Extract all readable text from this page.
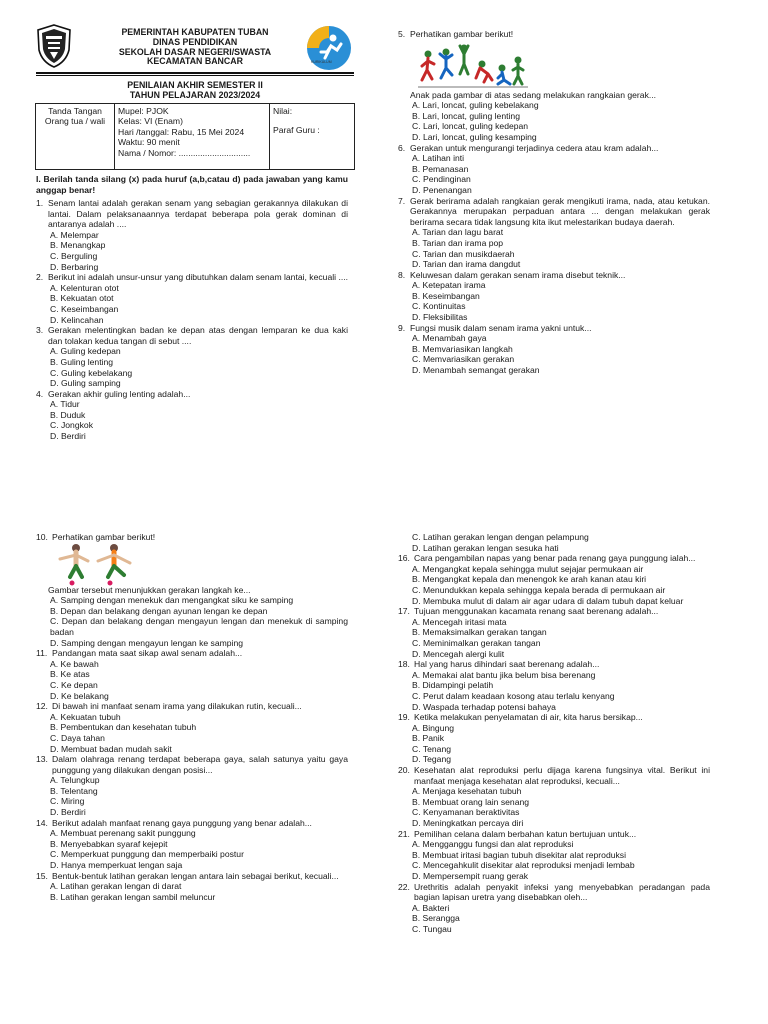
PEMERINTAH KABUPATEN TUBAN
DINAS PENDIDIKAN
SEKOLAH DASAR NEGERI/SWASTA
KECAMATAN BANCAR	KURIKULUM
PENILAIAN AKHIR SEMESTER II
TAHUN PELAJARAN 2023/2024
Tanda Tangan
Orang tua / wali

Mupel: PJOK
Kelas: VI (Enam)
Hari /tanggal: Rabu, 15 Mei 2024
Waktu: 90 menit
Nama / Nomor: ..............................

Nilai:
Paraf Guru :
I. Berilah tanda silang (x) pada huruf (a,b,catau d) pada jawaban yang kamu anggap benar!
1. Senam lantai adalah gerakan senam yang sebagian gerakannya dilakukan di lantai. Dalam pelaksanaannya terdapat beberapa pola gerak dominan di antaranya adalah ....
A. Melempar
B. Menangkap
C. Berguling
D. Berbaring
2. Berikut ini adalah unsur-unsur yang dibutuhkan dalam senam lantai, kecuali ....
A. Kelenturan otot
B. Kekuatan otot
C. Keseimbangan
D. Kelincahan
3. Gerakan melentingkan badan ke depan atas dengan lemparan ke dua kaki dan tolakan kedua tangan di sebut ....
A. Guling kedepan
B. Guling lenting
C. Guling kebelakang
D. Guling samping
4. Gerakan akhir guling lenting adalah...
A. Tidur
B. Duduk
C. Jongkok
D. Berdiri
5. Perhatikan gambar berikut!
Anak pada gambar di atas sedang melakukan rangkaian gerak...
A. Lari, loncat, guling kebelakang
B. Lari, loncat, guling lenting
C. Lari, loncat, guling kedepan
D. Lari, loncat, guling kesamping
6. Gerakan untuk mengurangi terjadinya cedera atau kram adalah...
A. Latihan inti
B. Pemanasan
C. Pendinginan
D. Penenangan
7. Gerak berirama adalah rangkaian gerak mengikuti irama, nada, atau ketukan. Gerakannya merupakan perpaduan antara ... dengan melakukan gerak berirama secara tidak langsung kita ikut melestarikan budaya daerah.
A. Tarian dan lagu barat
B. Tarian dan irama pop
C. Tarian dan musikdaerah
D. Tarian dan irama dangdut
8. Keluwesan dalam gerakan senam irama disebut teknik...
A. Ketepatan irama
B. Keseimbangan
C. Kontinuitas
D. Fleksibilitas
9. Fungsi musik dalam senam irama yakni untuk...
A. Menambah gaya
B. Memvariasikan langkah
C. Memvariasikan gerakan
D. Menambah semangat gerakan
10. Perhatikan gambar berikut!
Gambar tersebut menunjukkan gerakan langkah ke...
A. Samping dengan menekuk dan mengangkat siku ke samping
B. Depan dan belakang dengan ayunan lengan ke depan
C. Depan dan belakang dengan mengayun lengan dan menekuk di samping badan
D. Samping dengan mengayun lengan ke samping
11. Pandangan mata saat sikap awal senam adalah...
A. Ke bawah
B. Ke atas
C. Ke depan
D. Ke belakang
12. Di bawah ini manfaat senam irama yang dilakukan rutin, kecuali...
A. Kekuatan tubuh
B. Pembentukan dan kesehatan tubuh
C. Daya tahan
D. Membuat badan mudah sakit
13. Dalam olahraga renang terdapat beberapa gaya, salah satunya yaitu gaya punggung yang dilakukan dengan posisi...
A. Telungkup
B. Telentang
C. Miring
D. Berdiri
14. Berikut adalah manfaat renang gaya punggung yang benar adalah...
A. Membuat perenang sakit punggung
B. Menyebabkan syaraf kejepit
C. Memperkuat punggung dan memperbaiki postur
D. Hanya memperkuat lengan saja
15. Bentuk-bentuk latihan gerakan lengan antara lain sebagai berikut, kecuali...
A. Latihan gerakan lengan di darat
B. Latihan gerakan lengan sambil meluncur
C. Latihan gerakan lengan dengan pelampung
D. Latihan gerakan lengan sesuka hati
16. Cara pengambilan napas yang benar pada renang gaya punggung ialah...
A. Mengangkat kepala sehingga mulut sejajar permukaan air
B. Mengangkat kepala dan menengok ke arah kanan atau kiri
C. Menundukkan kepala sehingga kepala berada di permukaan air
D. Membuka mulut di dalam air agar udara di dalam tubuh dapat keluar
17. Tujuan menggunakan kacamata renang saat berenang adalah...
A. Mencegah iritasi mata
B. Memaksimalkan gerakan tangan
C. Meminimalkan gerakan tangan
D. Mencegah alergi kulit
18. Hal yang harus dihindari saat berenang adalah...
A. Memakai alat bantu jika belum bisa berenang
B. Didampingi pelatih
C. Perut dalam keadaan kosong atau terlalu kenyang
D. Waspada terhadap potensi bahaya
19. Ketika melakukan penyelamatan di air, kita harus bersikap...
A. Bingung
B. Panik
C. Tenang
D. Tegang
20. Kesehatan alat reproduksi perlu dijaga karena fungsinya vital. Berikut ini manfaat menjaga kesehatan alat reproduksi, kecuali...
A. Menjaga kesehatan tubuh
B. Membuat orang lain senang
C. Kenyamanan beraktivitas
D. Meningkatkan percaya diri
21. Pemilihan celana dalam berbahan katun bertujuan untuk...
A. Mengganggu fungsi dan alat reproduksi
B. Membuat iritasi bagian tubuh disekitar alat reproduksi
C. Mencegahkulit disekitar alat reproduksi menjadi lembab
D. Mempersempit ruang gerak
22. Urethritis adalah penyakit infeksi yang menyebabkan peradangan pada bagian lapisan uretra yang disebabkan oleh...
A. Bakteri
B. Serangga
C. Tungau
